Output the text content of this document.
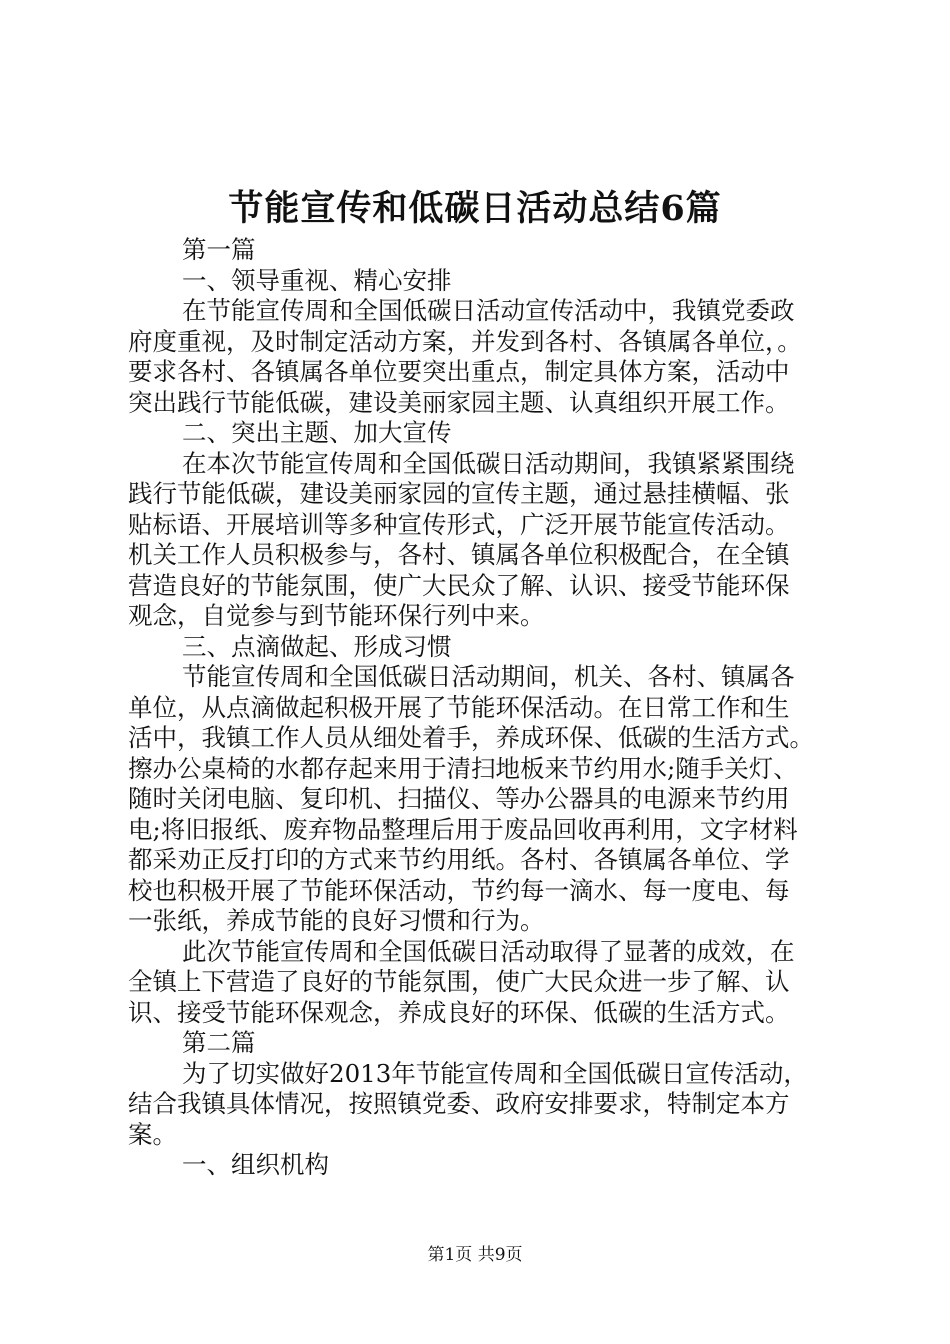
节能宣传和低碳日活动总结6篇
第一篇
一、领导重视、精心安排
在节能宣传周和全国低碳日活动宣传活动中，我镇党委政
府度重视，及时制定活动方案，并发到各村、各镇属各单位，。
要求各村、各镇属各单位要突出重点，制定具体方案，活动中
突出践行节能低碳，建设美丽家园主题、认真组织开展工作。
二、突出主题、加大宣传
在本次节能宣传周和全国低碳日活动期间，我镇紧紧围绕
践行节能低碳，建设美丽家园的宣传主题，通过悬挂横幅、张
贴标语、开展培训等多种宣传形式，广泛开展节能宣传活动。
机关工作人员积极参与，各村、镇属各单位积极配合，在全镇
营造良好的节能氛围，使广大民众了解、认识、接受节能环保
观念，自觉参与到节能环保行列中来。
三、点滴做起、形成习惯
节能宣传周和全国低碳日活动期间，机关、各村、镇属各
单位，从点滴做起积极开展了节能环保活动。在日常工作和生
活中，我镇工作人员从细处着手，养成环保、低碳的生活方式。
擦办公桌椅的水都存起来用于清扫地板来节约用水;随手关灯、
随时关闭电脑、复印机、扫描仪、等办公器具的电源来节约用
电;将旧报纸、废弃物品整理后用于废品回收再利用，文字材料
都采劝正反打印的方式来节约用纸。各村、各镇属各单位、学
校也积极开展了节能环保活动，节约每一滴水、每一度电、每
一张纸，养成节能的良好习惯和行为。
此次节能宣传周和全国低碳日活动取得了显著的成效，在
全镇上下营造了良好的节能氛围，使广大民众进一步了解、认
识、接受节能环保观念，养成良好的环保、低碳的生活方式。
第二篇
为了切实做好2013年节能宣传周和全国低碳日宣传活动，
结合我镇具体情况，按照镇党委、政府安排要求，特制定本方
案。
一、组织机构
第1页 共9页
